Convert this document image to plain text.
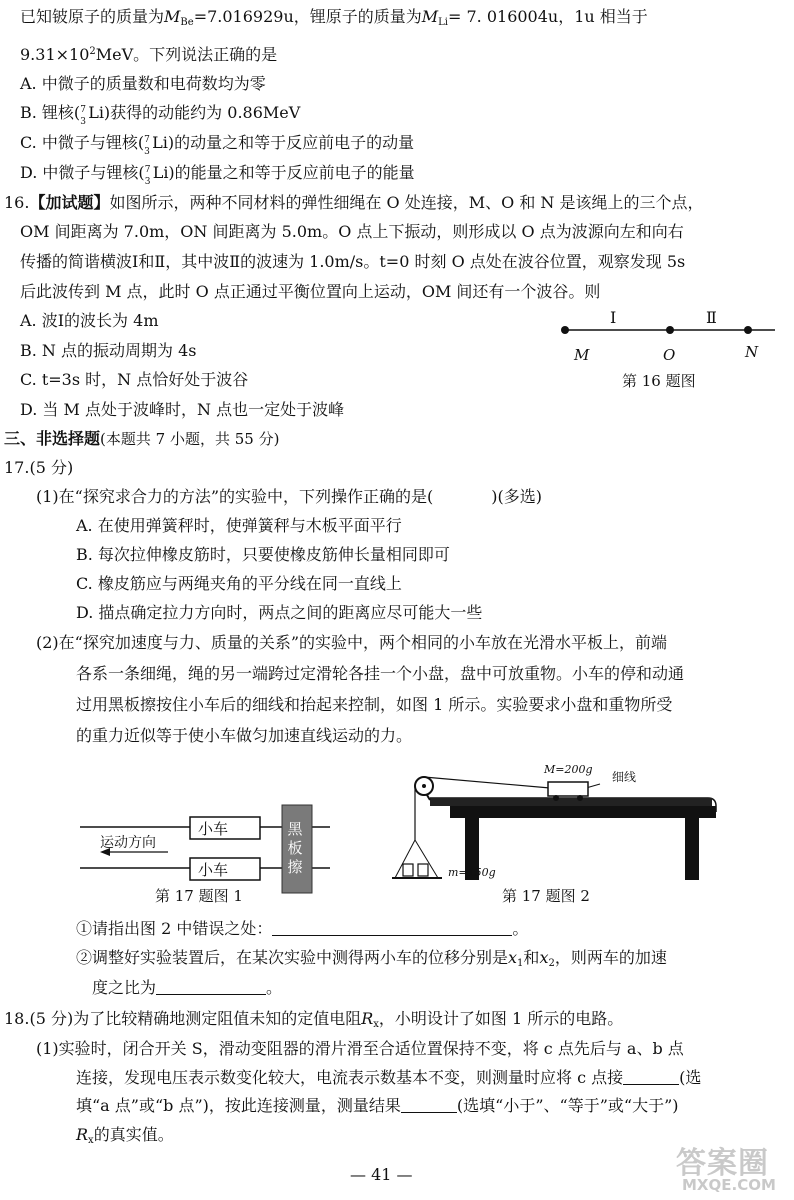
已知铍原子的质量为$M_{Be}=7.016929u$，锂原子的质量为$M_{Li}= 7$. 016004u，1u 相当于
$9.31\times 10^2MeV$。下列说法正确的是
A. 中微子的质量数和电荷数均为零
B. 锂核( 7
3 Li)获得的动能约为 0.86MeV
C. 中微子与锂核( 7
3 Li)的动量之和等于反应前电子的动量
D. 中微子与锂核( 7
3 Li)的能量之和等于反应前电子的能量
16.【加试题】如图所示，两种不同材料的弹性细绳在 O 处连接，M、O 和 N 是该绳上的三个点，
OM 间距离为 7.0m，ON 间距离为 5.0m。O 点上下振动，则形成以 O 点为波源向左和向右
传播的简谐横波Ⅰ和Ⅱ，其中波Ⅱ的波速为 1.0m/s。t=0 时刻 O 点处在波谷位置，观察发现 5s
后此波传到 M 点，此时 O 点正通过平衡位置向上运动，OM 间还有一个波谷。则
A. 波Ⅰ的波长为 4m
B. N 点的振动周期为 4s
C. t=3s 时，N 点恰好处于波谷
D. 当 M 点处于波峰时，N 点也一定处于波峰
Ⅰ	Ⅱ
M	O	N
第 16 题图
三、非选择题(本题共 7 小题，共 55 分)
17.(5 分)
(1)在“探究求合力的方法”的实验中，下列操作正确的是(	)(多选)
A. 在使用弹簧秤时，使弹簧秤与木板平面平行
B. 每次拉伸橡皮筋时，只要使橡皮筋伸长量相同即可
C. 橡皮筋应与两绳夹角的平分线在同一直线上
D. 描点确定拉力方向时，两点之间的距离应尽可能大一些
(2)在“探究加速度与力、质量的关系”的实验中，两个相同的小车放在光滑水平板上，前端
各系一条细绳，绳的另一端跨过定滑轮各挂一个小盘，盘中可放重物。小车的停和动通
过用黑板擦按住小车后的细线和抬起来控制，如图 1 所示。实验要求小盘和重物所受
的重力近似等于使小车做匀加速直线运动的力。
小车
小车
运动方向
黑板擦
第 17 题图 1
M=200g
细线
m=150g
第 17 题图 2
①请指出图 2 中错误之处：	。
②调整好实验装置后，在某次实验中测得两小车的位移分别是$x_1$和$x_2$，则两车的加速
度之比为	。
18.(5 分)为了比较精确地测定阻值未知的定值电阻$R_x$，小明设计了如图 1 所示的电路。
(1)实验时，闭合开关 S，滑动变阻器的滑片滑至合适位置保持不变，将 c 点先后与 a、b 点
连接，发现电压表示数变化较大，电流表示数基本不变，则测量时应将 c 点接	(选
填“a 点”或“b 点”)，按此连接测量，测量结果	(选填“小于”、“等于”或“大于”)
$R_x$的真实值。
— 41 —	答案圈
MXQE.COM
